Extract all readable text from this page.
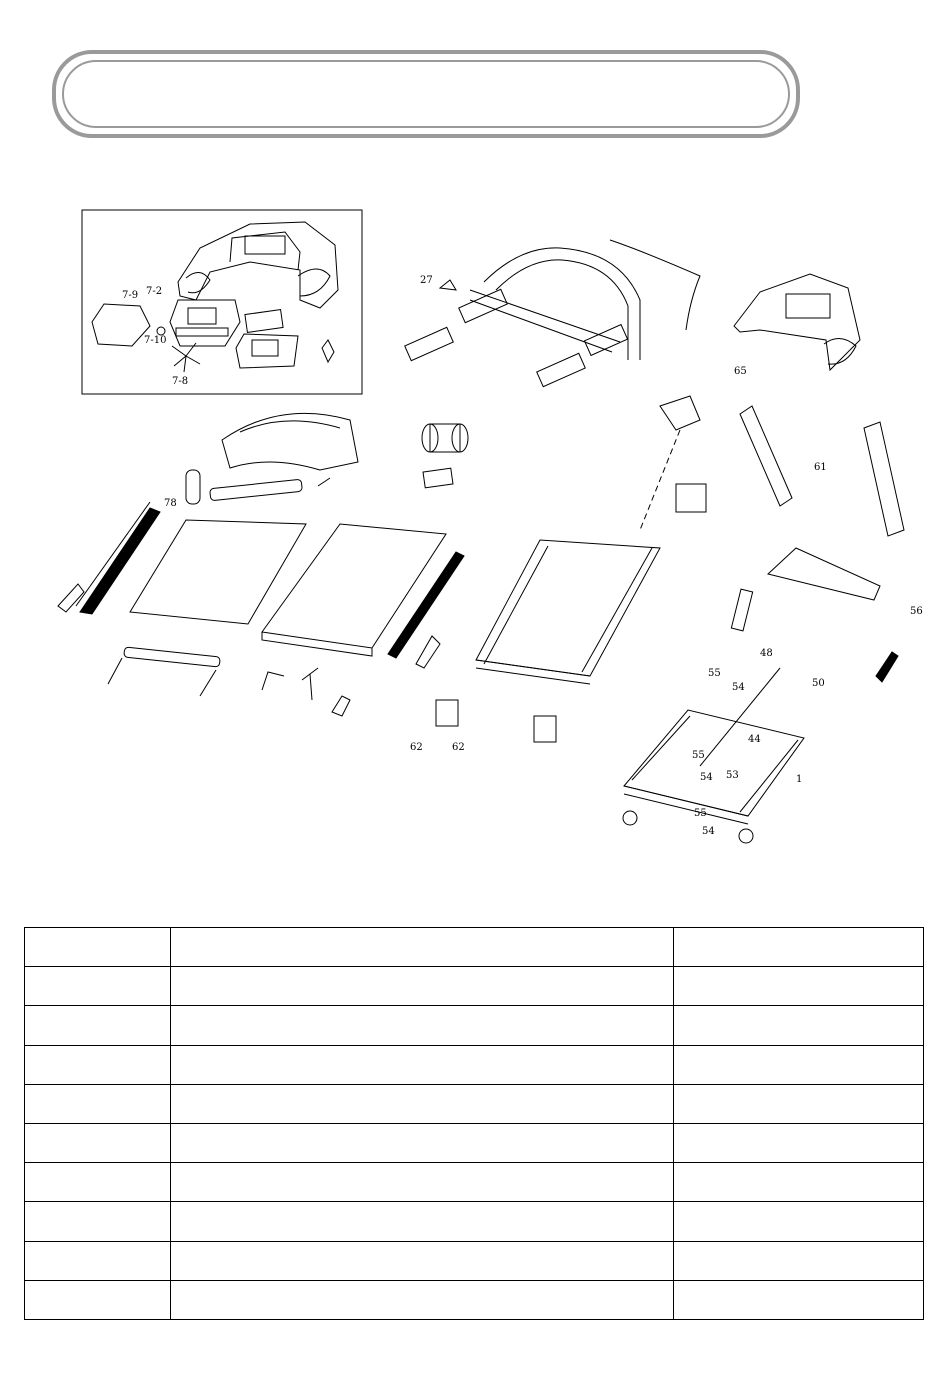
7-9 7-2
7-10
7-8
27
78
65
61
56
48
55
54	50
44
53	1
62	62
55
54
55
54
